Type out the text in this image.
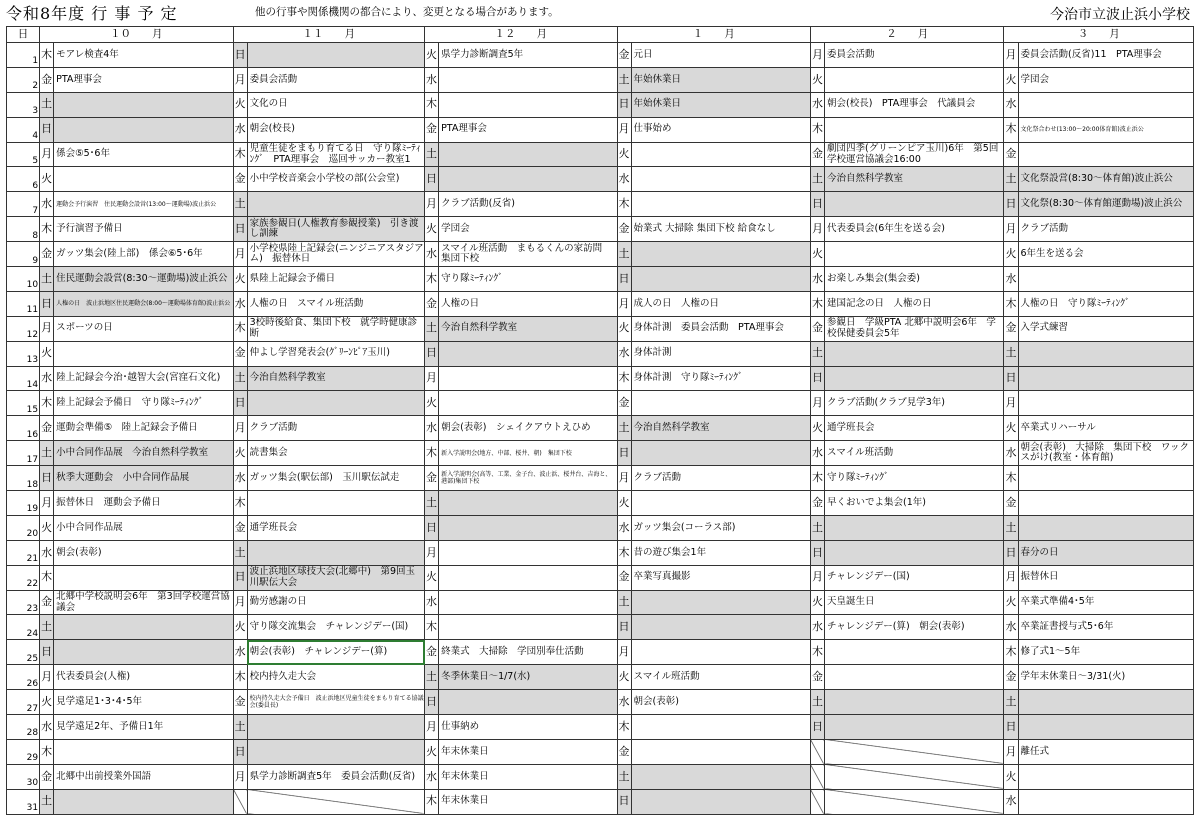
令和8年度 行 事 予 定	他の行事や関係機関の都合により、変更となる場合があります。	今治市立波止浜小学校
日	１０　　月		１１　　月		１２　　月		１　　月		２　　月		３　　月	
1	木	モアレ検査4年	日		火	県学力診断調査5年	金	元日	月	委員会活動	月	委員会活動(反省)11　PTA理事会
2	金	PTA理事会	月	委員会活動	水		土	年始休業日	火		火	学団会
3	土		火	文化の日	木		日	年始休業日	水	朝会(校長)　PTA理事会　代議員会	水	
4	日		水	朝会(校長)	金	PTA理事会	月	仕事始め	木		木	文化祭合わせ(13:00～20:00体育館)波止浜公
5	月	係会⑤5･6年	木	児童生徒をまもり育てる日　守り隊ﾐｰﾃｨﾝｸﾞ　PTA理事会　巡回サッカー教室1	土		火		金	劇団四季(グリーンピア玉川)6年　第5回学校運営協議会16:00	金	
6	火		金	小中学校音楽会小学校の部(公会堂)	日		水		土	今治自然科学教室	土	文化祭設営(8:30～体育館)波止浜公
7	水	運動会予行演習　住民運動会設営(13:00～運動場)波止浜公	土		月	クラブ活動(反省)	木		日		日	文化祭(8:30～体育館運動場)波止浜公
8	木	予行演習予備日	日	家族参観日(人権教育参観授業)　引き渡し訓練	火	学団会	金	始業式 大掃除 集団下校 給食なし	月	代表委員会(6年生を送る会)	月	クラブ活動
9	金	ガッツ集会(陸上部)　係会⑥5･6年	月	小学校県陸上記録会(ニンジニアスタジアム)　振替休日	水	スマイル班活動　まもるくんの家訪問　集団下校	土		火		火	6年生を送る会
10	土	住民運動会設営(8:30～運動場)波止浜公	火	県陸上記録会予備日	木	守り隊ﾐｰﾃｨﾝｸﾞ	日		水	お楽しみ集会(集会委)	水	
11	日	人権の日　波止浜地区住民運動会(8:00～運動場体育館)波止浜公	水	人権の日　スマイル班活動	金	人権の日	月	成人の日　人権の日	木	建国記念の日　人権の日	木	人権の日　守り隊ﾐｰﾃｨﾝｸﾞ
12	月	スポーツの日	木	3校時後給食、集団下校　就学時健康診断	土	今治自然科学教室	火	身体計測　委員会活動　PTA理事会	金	参観日　学級PTA 北郷中説明会6年　学校保健委員会5年	金	入学式練習
13	火		金	仲よし学習発表会(ｸﾞﾘｰﾝﾋﾟｱ玉川)	日		水	身体計測	土		土	
14	水	陸上記録会今治･越智大会(宮窪石文化)	土	今治自然科学教室	月		木	身体計測　守り隊ﾐｰﾃｨﾝｸﾞ	日		日	
15	木	陸上記録会予備日　守り隊ﾐｰﾃｨﾝｸﾞ	日		火		金		月	クラブ活動(クラブ見学3年)	月	
16	金	運動会準備⑤　陸上記録会予備日	月	クラブ活動	水	朝会(表彰)　シェイクアウトえひめ	土	今治自然科学教室	火	通学班長会	火	卒業式リハーサル
17	土	小中合同作品展　今治自然科学教室	火	読書集会	木	新入学説明会(地方、中部、桜井、朝)　集団下校	日		水	スマイル班活動	水	朝会(表彰)　大掃除　集団下校　ワックスがけ(教室・体育館)
18	日	秋季大運動会　小中合同作品展	水	ガッツ集会(駅伝部)　玉川駅伝試走	金	新入学説明会(高等、工業、金子台、波止浜、桜井台、吉海と、港部)集団下校	月	クラブ活動	木	守り隊ﾐｰﾃｨﾝｸﾞ	木	
19	月	振替休日　運動会予備日	木		土		火		金	早くおいでよ集会(1年)	金	
20	火	小中合同作品展	金	通学班長会	日		水	ガッツ集会(コーラス部)	土		土	
21	水	朝会(表彰)	土		月		木	昔の遊び集会1年	日		日	春分の日
22	木		日	波止浜地区球技大会(北郷中)　第9回玉川駅伝大会	火		金	卒業写真撮影	月	チャレンジデー(国)	月	振替休日
23	金	北郷中学校説明会6年　第3回学校運営協議会	月	勤労感謝の日	水		土		火	天皇誕生日	火	卒業式準備4･5年
24	土		火	守り隊交流集会　チャレンジデー(国)	木		日		水	チャレンジデー(算)　朝会(表彰)	水	卒業証書授与式5･6年
25	日		水	朝会(表彰)　チャレンジデー(算)	金	終業式　大掃除　学団別奉仕活動	月		木		木	修了式1～5年
26	月	代表委員会(人権)	木	校内持久走大会	土	冬季休業日～1/7(水)	火	スマイル班活動	金		金	学年末休業日～3/31(火)
27	火	見学遠足1･3･4･5年	金	校内持久走大会予備日　波止浜地区児童生徒をまもり育てる協議会(委員長)	日		水	朝会(表彰)	土		土	
28	水	見学遠足2年、予備日1年	土		月	仕事納め	木		日		日	
29	木		日		火	年末休業日	金				月	離任式
30	金	北郷中出前授業外国語	月	県学力診断調査5年　委員会活動(反省)	水	年末休業日	土				火	
31	土				木	年末休業日	日				水	
